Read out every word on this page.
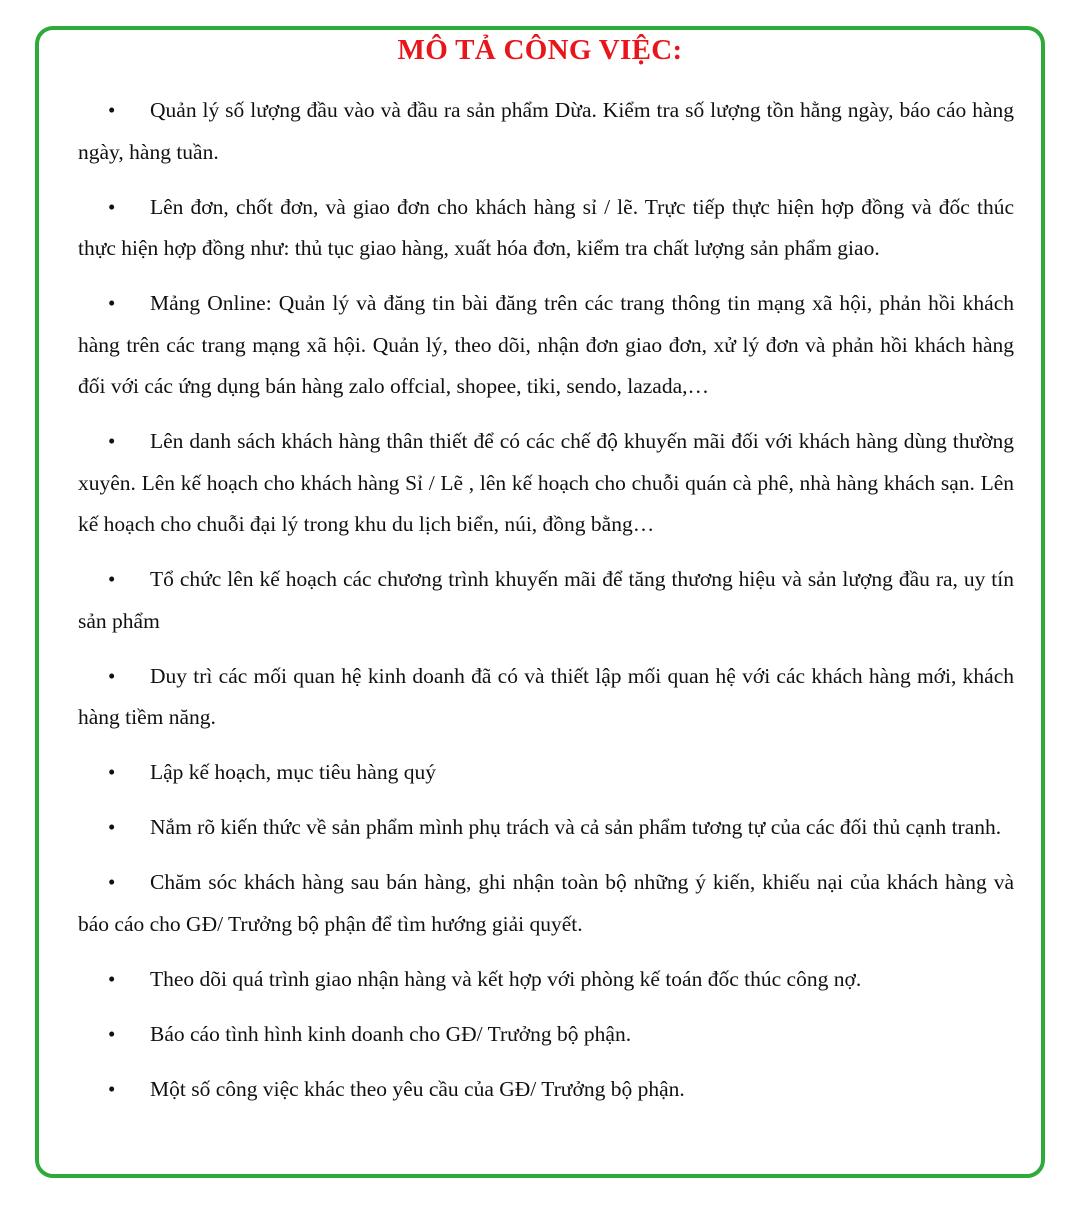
MÔ TẢ CÔNG VIỆC:
• Quản lý số lượng đầu vào và đầu ra sản phẩm Dừa. Kiểm tra số lượng tồn hằng ngày, báo cáo hàng ngày, hàng tuần.
• Lên đơn, chốt đơn, và giao đơn cho khách hàng sỉ / lẽ. Trực tiếp thực hiện hợp đồng và đốc thúc thực hiện hợp đồng như: thủ tục giao hàng, xuất hóa đơn, kiểm tra chất lượng sản phẩm giao.
• Mảng Online: Quản lý và đăng tin bài đăng trên các trang thông tin mạng xã hội, phản hồi khách hàng trên các trang mạng xã hội. Quản lý, theo dõi, nhận đơn giao đơn, xử lý đơn và phản hồi khách hàng đối với các ứng dụng bán hàng zalo offcial, shopee, tiki, sendo, lazada,…
• Lên danh sách khách hàng thân thiết để có các chế độ khuyến mãi đối với khách hàng dùng thường xuyên. Lên kế hoạch cho khách hàng Sỉ / Lẽ , lên kế hoạch cho chuỗi quán cà phê, nhà hàng khách sạn. Lên kế hoạch cho chuỗi đại lý trong khu du lịch biển, núi, đồng bằng…
• Tổ chức lên kế hoạch các chương trình khuyến mãi để tăng thương hiệu và sản lượng đầu ra, uy tín sản phẩm
• Duy trì các mối quan hệ kinh doanh đã có và thiết lập mối quan hệ với các khách hàng mới, khách hàng tiềm năng.
• Lập kế hoạch, mục tiêu hàng quý
• Nắm rõ kiến thức về sản phẩm mình phụ trách và cả sản phẩm tương tự của các đối thủ cạnh tranh.
• Chăm sóc khách hàng sau bán hàng, ghi nhận toàn bộ những ý kiến, khiếu nại của khách hàng và báo cáo cho GĐ/ Trưởng bộ phận để tìm hướng giải quyết.
• Theo dõi quá trình giao nhận hàng và kết hợp với phòng kế toán đốc thúc công nợ.
• Báo cáo tình hình kinh doanh cho GĐ/ Trưởng bộ phận.
• Một số công việc khác theo yêu cầu của GĐ/ Trưởng bộ phận.
